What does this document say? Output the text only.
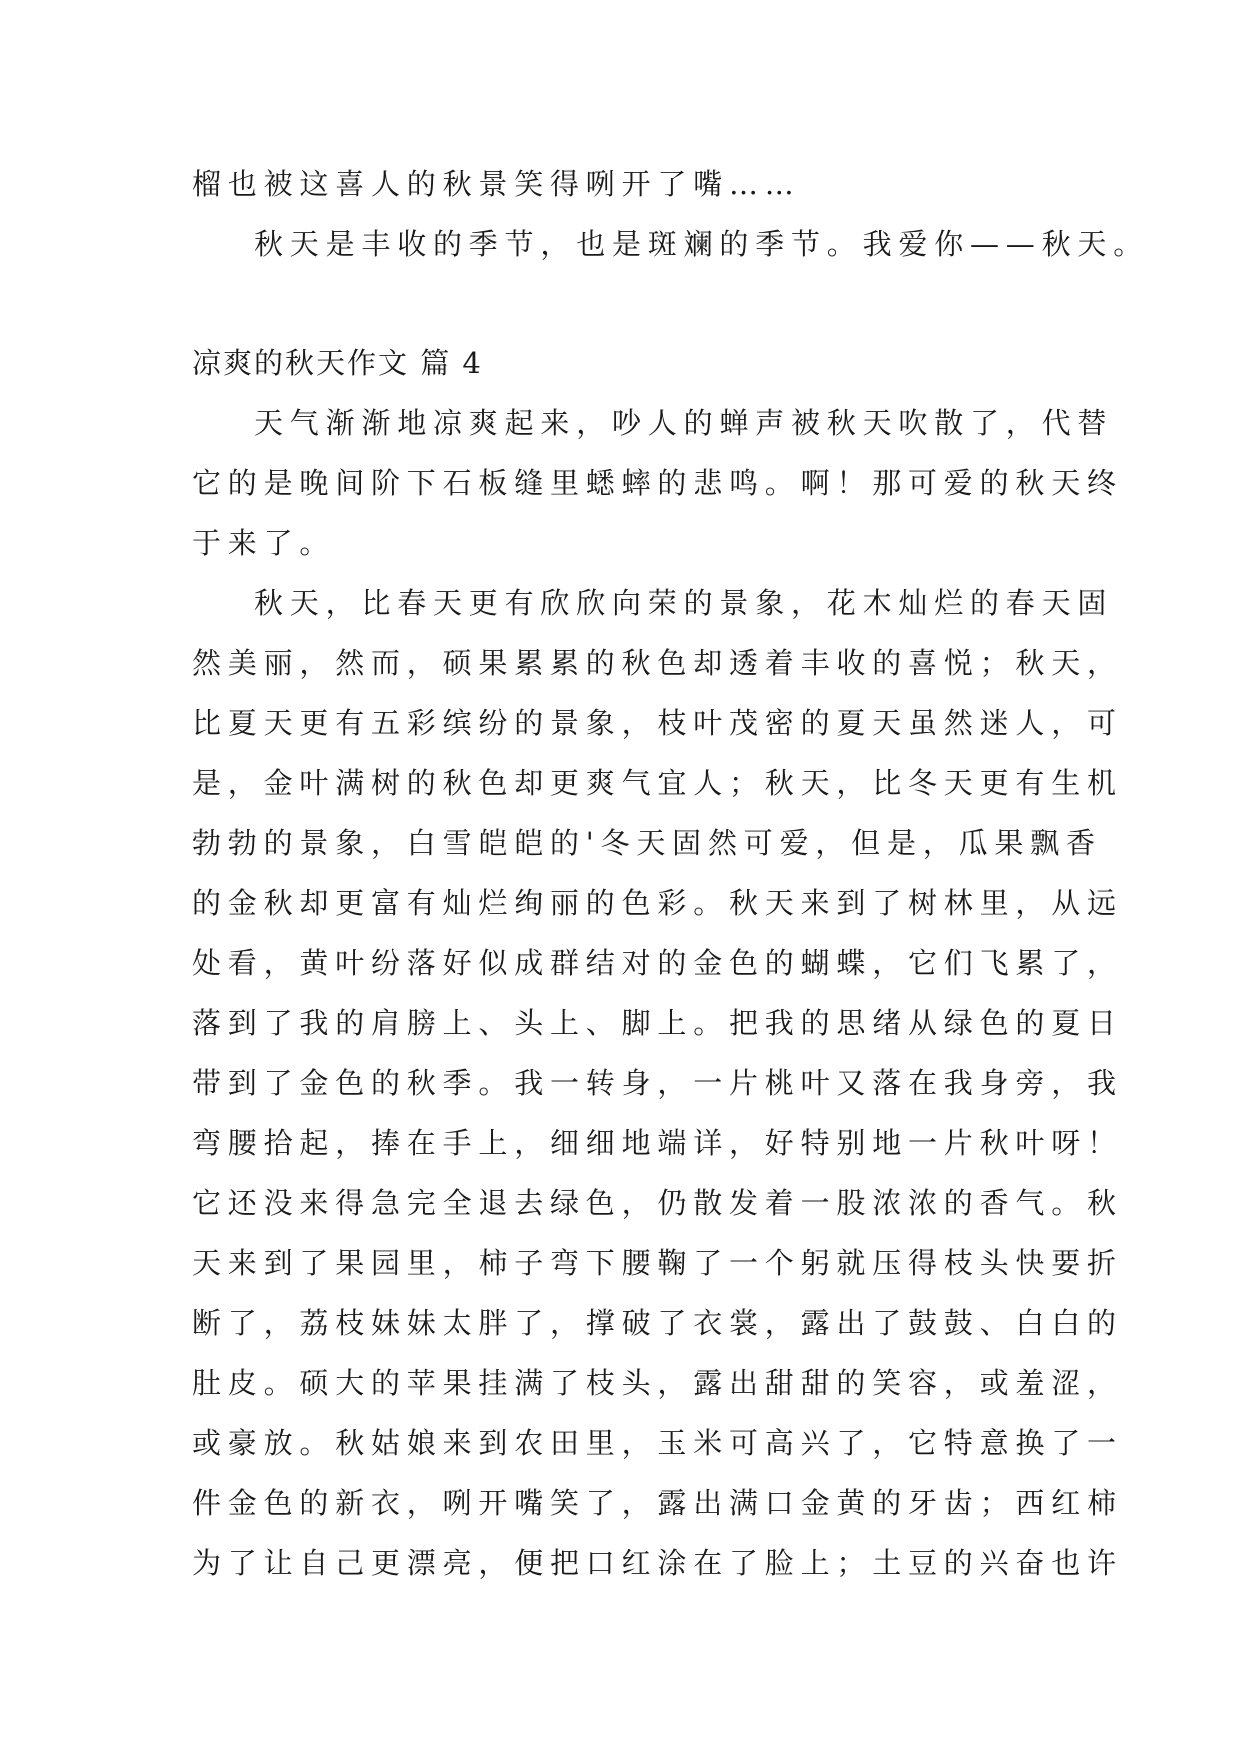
榴也被这喜人的秋景笑得咧开了嘴……
秋天是丰收的季节，也是斑斓的季节。我爱你——秋天。
凉爽的秋天作文 篇 4
天气渐渐地凉爽起来，吵人的蝉声被秋天吹散了，代替
它的是晚间阶下石板缝里蟋蟀的悲鸣。啊！那可爱的秋天终
于来了。
秋天，比春天更有欣欣向荣的景象，花木灿烂的春天固
然美丽，然而，硕果累累的秋色却透着丰收的喜悦；秋天，
比夏天更有五彩缤纷的景象，枝叶茂密的夏天虽然迷人，可
是，金叶满树的秋色却更爽气宜人；秋天，比冬天更有生机
勃勃的景象，白雪皑皑的'冬天固然可爱，但是，瓜果飘香
的金秋却更富有灿烂绚丽的色彩。秋天来到了树林里，从远
处看，黄叶纷落好似成群结对的金色的蝴蝶，它们飞累了，
落到了我的肩膀上、头上、脚上。把我的思绪从绿色的夏日
带到了金色的秋季。我一转身，一片桃叶又落在我身旁，我
弯腰拾起，捧在手上，细细地端详，好特别地一片秋叶呀！
它还没来得急完全退去绿色，仍散发着一股浓浓的香气。秋
天来到了果园里，柿子弯下腰鞠了一个躬就压得枝头快要折
断了，荔枝妹妹太胖了，撑破了衣裳，露出了鼓鼓、白白的
肚皮。硕大的苹果挂满了枝头，露出甜甜的笑容，或羞涩，
或豪放。秋姑娘来到农田里，玉米可高兴了，它特意换了一
件金色的新衣，咧开嘴笑了，露出满口金黄的牙齿；西红柿
为了让自己更漂亮，便把口红涂在了脸上；土豆的兴奋也许
